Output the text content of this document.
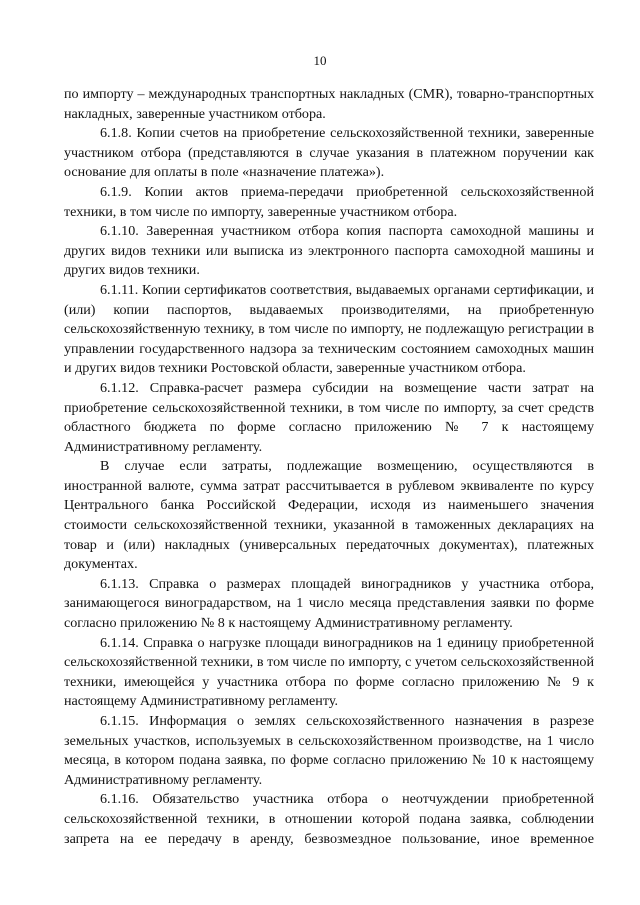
10

по импорту – международных транспортных накладных (CMR), товарно-транспортных накладных, заверенные участником отбора.

6.1.8. Копии счетов на приобретение сельскохозяйственной техники, заверенные участником отбора (представляются в случае указания в платежном поручении как основание для оплаты в поле «назначение платежа»).

6.1.9. Копии актов приема-передачи приобретенной сельскохозяйственной техники, в том числе по импорту, заверенные участником отбора.

6.1.10. Заверенная участником отбора копия паспорта самоходной машины и других видов техники или выписка из электронного паспорта самоходной машины и других видов техники.

6.1.11. Копии сертификатов соответствия, выдаваемых органами сертификации, и (или) копии паспортов, выдаваемых производителями, на приобретенную сельскохозяйственную технику, в том числе по импорту, не подлежащую регистрации в управлении государственного надзора за техническим состоянием самоходных машин и других видов техники Ростовской области, заверенные участником отбора.

6.1.12. Справка-расчет размера субсидии на возмещение части затрат на приобретение сельскохозяйственной техники, в том числе по импорту, за счет средств областного бюджета по форме согласно приложению № 7 к настоящему Административному регламенту.

В случае если затраты, подлежащие возмещению, осуществляются в иностранной валюте, сумма затрат рассчитывается в рублевом эквиваленте по курсу Центрального банка Российской Федерации, исходя из наименьшего значения стоимости сельскохозяйственной техники, указанной в таможенных декларациях на товар и (или) накладных (универсальных передаточных документах), платежных документах.

6.1.13. Справка о размерах площадей виноградников у участника отбора, занимающегося виноградарством, на 1 число месяца представления заявки по форме согласно приложению № 8 к настоящему Административному регламенту.

6.1.14. Справка о нагрузке площади виноградников на 1 единицу приобретенной сельскохозяйственной техники, в том числе по импорту, с учетом сельскохозяйственной техники, имеющейся у участника отбора по форме согласно приложению № 9 к настоящему Административному регламенту.

6.1.15. Информация о землях сельскохозяйственного назначения в разрезе земельных участков, используемых в сельскохозяйственном производстве, на 1 число месяца, в котором подана заявка, по форме согласно приложению № 10 к настоящему Административному регламенту.

6.1.16. Обязательство участника отбора о неотчуждении приобретенной сельскохозяйственной техники, в отношении которой подана заявка, соблюдении запрета на ее передачу в аренду, безвозмездное пользование, иное временное
